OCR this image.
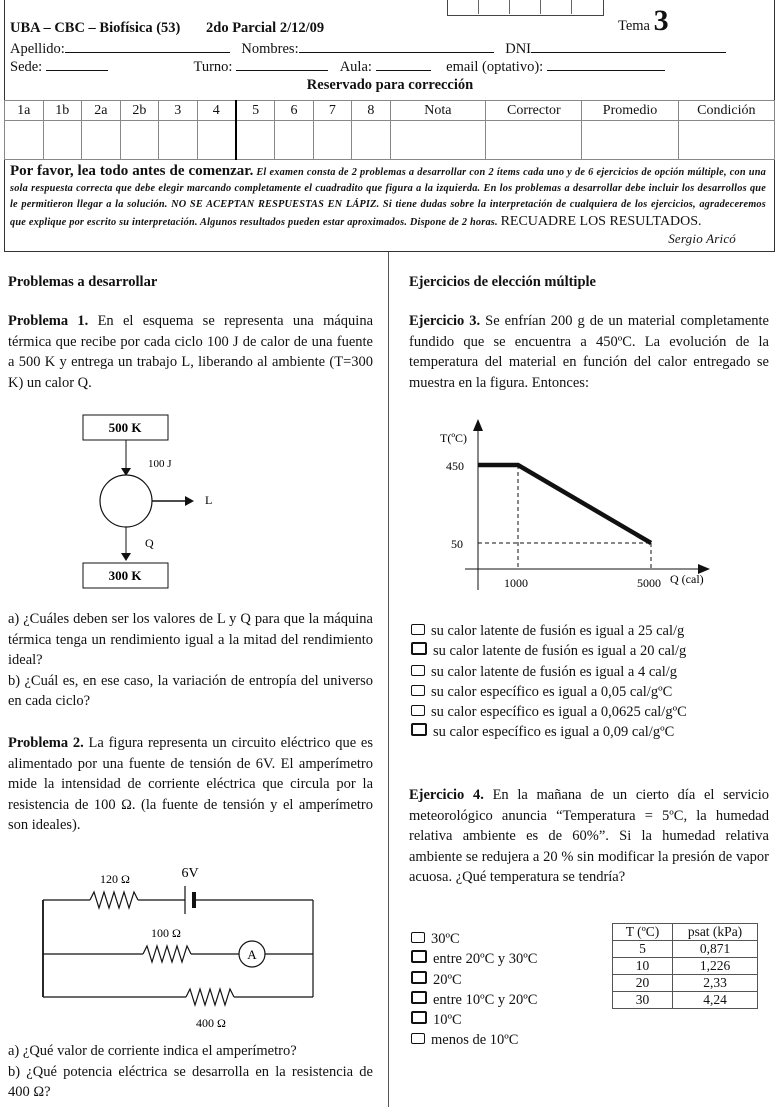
UBA – CBC – Biofísica (53) 2do Parcial 2/12/09	Tema 3
Apellido:	Nombres:	DNI
Sede:	Turno:	Aula:	email (optativo):
Reservado para corrección
1a	1b	2a	2b	3	4	5	6	7	8	Nota	Corrector	Promedio	Condición

Por favor, lea todo antes de comenzar. El examen consta de 2 problemas a desarrollar con 2 ítems cada uno y de 6 ejercicios de opción múltiple, con una sola respuesta correcta que debe elegir marcando completamente el cuadradito que figura a la izquierda. En los problemas a desarrollar debe incluir los desarrollos que le permitieron llegar a la solución. NO SE ACEPTAN RESPUESTAS EN LÁPIZ. Si tiene dudas sobre la interpretación de cualquiera de los ejercicios, agradeceremos que explique por escrito su interpretación. Algunos resultados pueden estar aproximados. Dispone de 2 horas. RECUADRE LOS RESULTADOS.
Sergio Aricó
Problemas a desarrollar
Problema 1. En el esquema se representa una máquina térmica que recibe por cada ciclo 100 J de calor de una fuente a 500 K y entrega un trabajo L, liberando al ambiente (T=300 K) un calor Q.
500 K
100 J
L
Q
300 K
a) ¿Cuáles deben ser los valores de L y Q para que la máquina térmica tenga un rendimiento igual a la mitad del rendimiento ideal?
b) ¿Cuál es, en ese caso, la variación de entropía del universo en cada ciclo?
Problema 2. La figura representa un circuito eléctrico que es alimentado por una fuente de tensión de 6V. El amperímetro mide la intensidad de corriente eléctrica que circula por la resistencia de 100 Ω. (la fuente de tensión y el amperímetro son ideales).
120 Ω	6V
100 Ω
A
400 Ω
a) ¿Qué valor de corriente indica el amperímetro?
b) ¿Qué potencia eléctrica se desarrolla en la resistencia de 400 Ω?
Ejercicios de elección múltiple
Ejercicio 3. Se enfrían 200 g de un material completamente fundido que se encuentra a 450ºC. La evolución de la temperatura del material en función del calor entregado se muestra en la figura. Entonces:
T(ºC)
450
50
1000	5000 Q (cal)
su calor latente de fusión es igual a 25 cal/g
su calor latente de fusión es igual a 20 cal/g
su calor latente de fusión es igual a 4 cal/g
su calor específico es igual a 0,05 cal/gºC
su calor específico es igual a 0,0625 cal/gºC
su calor específico es igual a 0,09 cal/gºC
Ejercicio 4. En la mañana de un cierto día el servicio meteorológico anuncia “Temperatura = 5ºC, la humedad relativa ambiente es de 60%”. Si la humedad relativa ambiente se redujera a 20 % sin modificar la presión de vapor acuosa. ¿Qué temperatura se tendría?
30ºC
entre 20ºC y 30ºC
20ºC
entre 10ºC y 20ºC
10ºC
menos de 10ºC
T (ºC)	psat (kPa)
5	0,871
10	1,226
20	2,33
30	4,24
